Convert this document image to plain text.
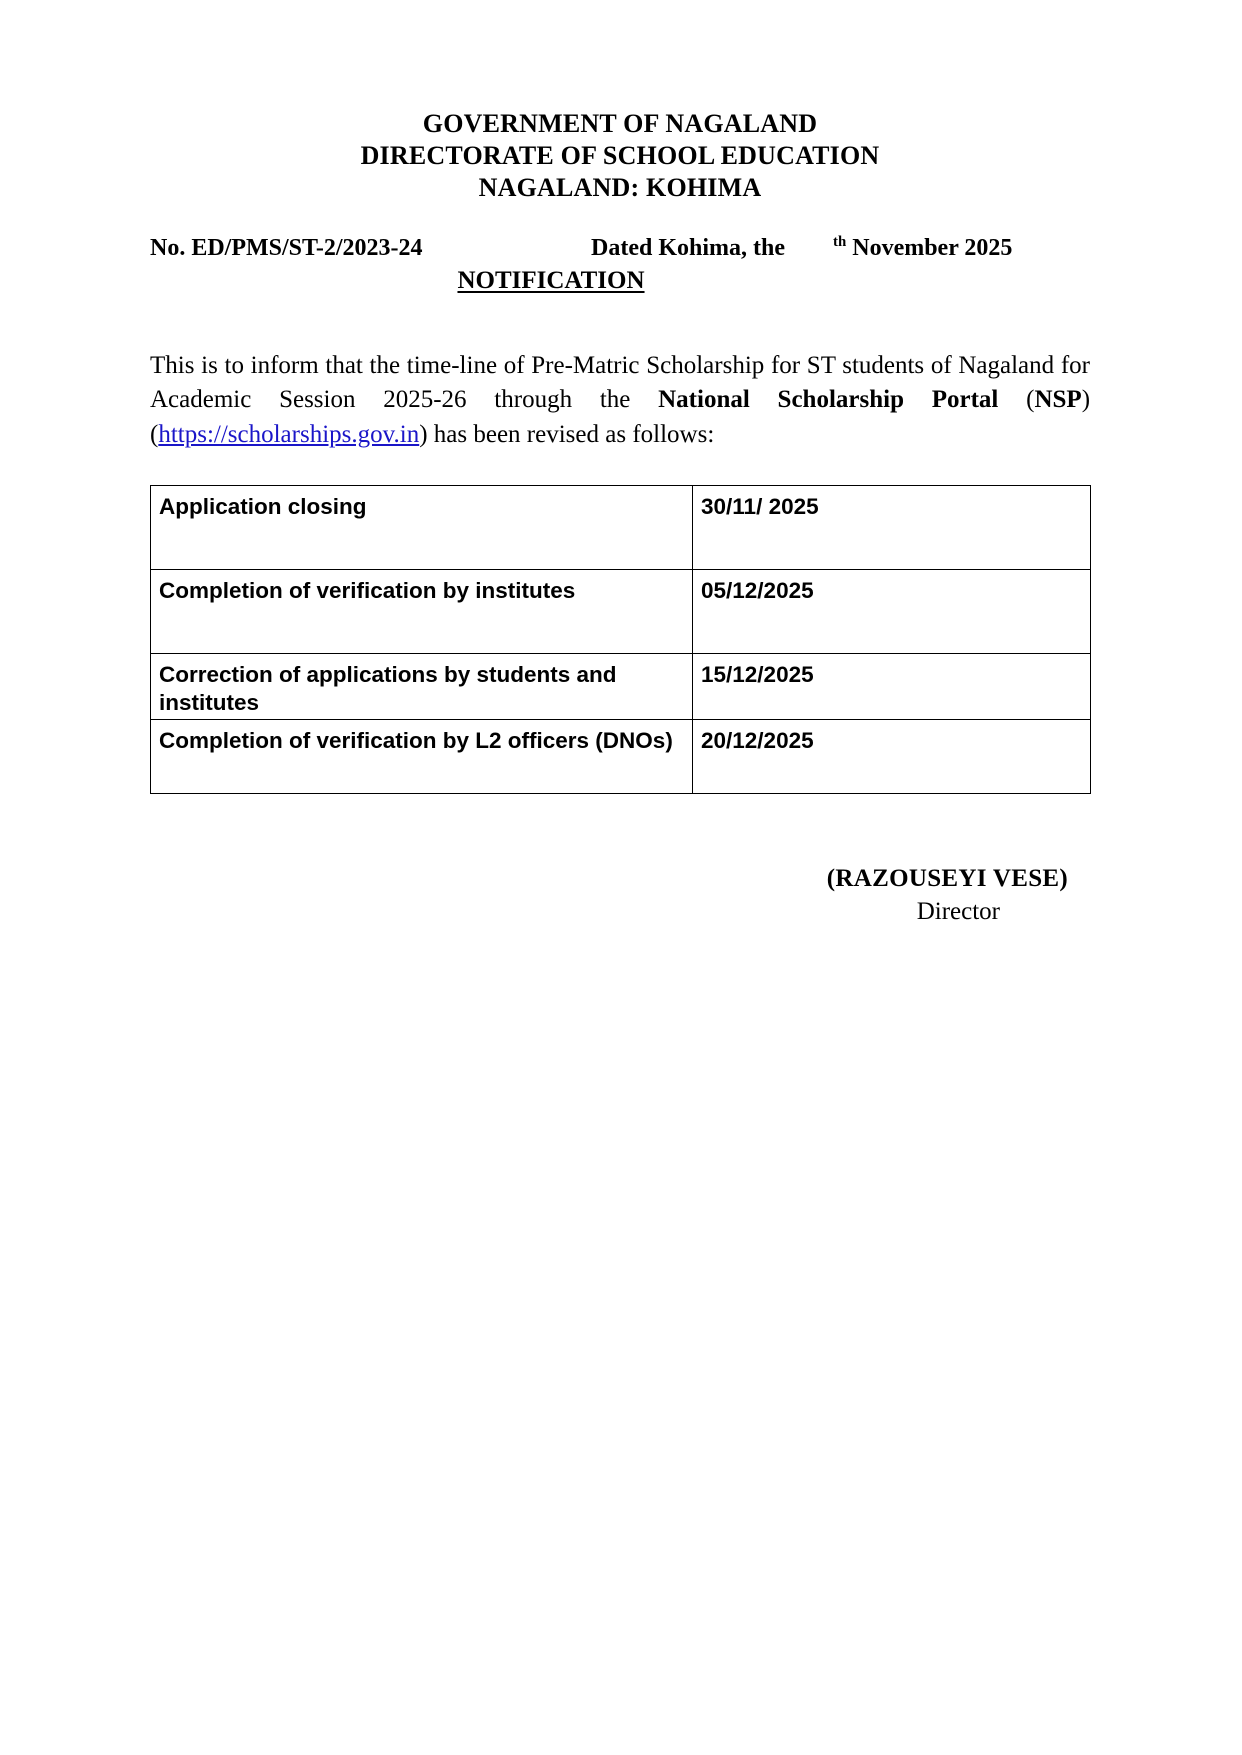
GOVERNMENT OF NAGALAND
DIRECTORATE OF SCHOOL EDUCATION
NAGALAND: KOHIMA
No. ED/PMS/ST-2/2023-24	Dated Kohima, the	$^{th}$ November 2025
NOTIFICATION

This is to inform that the time-line of Pre-Matric Scholarship for ST students of Nagaland for Academic Session 2025-26 through the National Scholarship Portal (NSP) (https://scholarships.gov.in) has been revised as follows:

Application closing	30/11/ 2025
Completion of verification by institutes	05/12/2025
Correction of applications by students and institutes	15/12/2025
Completion of verification by L2 officers (DNOs)	20/12/2025
(RAZOUSEYI VESE)
Director
